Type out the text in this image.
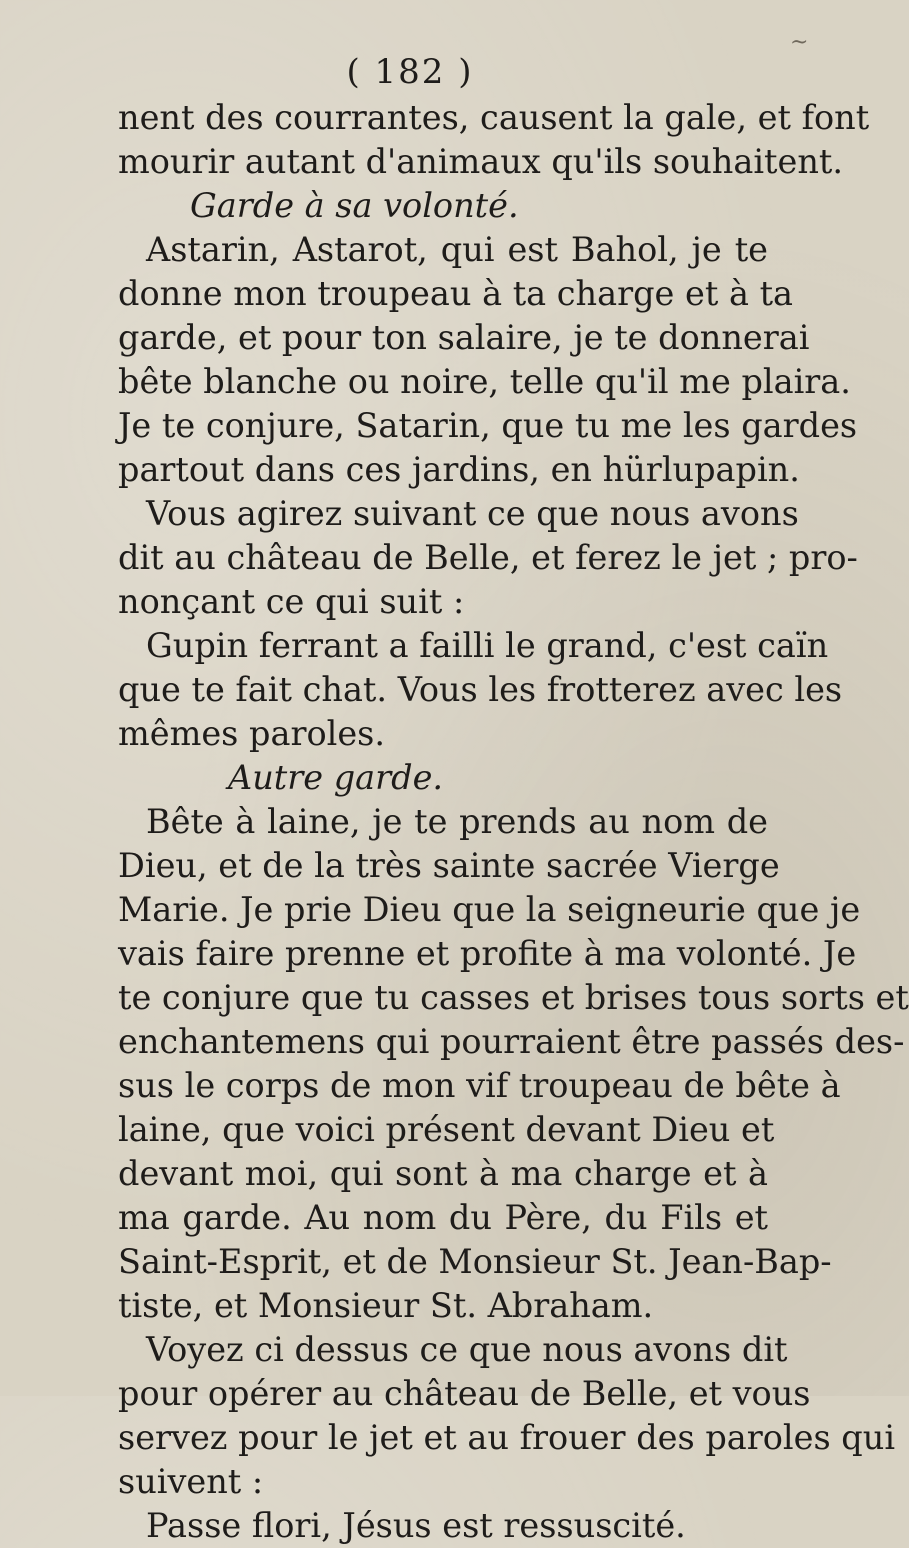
~
( 182 )
nent des courrantes, causent la gale, et font
mourir autant d'animaux qu'ils souhaitent.
Garde à sa volonté.
Astarin, Astarot, qui est Bahol, je te
donne mon troupeau à ta charge et à ta
garde, et pour ton salaire, je te donnerai
bête blanche ou noire, telle qu'il me plaira.
Je te conjure, Satarin, que tu me les gardes
partout dans ces jardins, en hürlupapin.
Vous agirez suivant ce que nous avons
dit au château de Belle, et ferez le jet ; pro-
nonçant ce qui suit :
Gupin ferrant a failli le grand, c'est caïn
que te fait chat. Vous les frotterez avec les
mêmes paroles.
Autre garde.
Bête à laine, je te prends au nom de
Dieu, et de la très sainte sacrée Vierge
Marie. Je prie Dieu que la seigneurie que je
vais faire prenne et profite à ma volonté. Je
te conjure que tu casses et brises tous sorts et
enchantemens qui pourraient être passés des-
sus le corps de mon vif troupeau de bête à
laine, que voici présent devant Dieu et
devant moi, qui sont à ma charge et à
ma garde. Au nom du Père, du Fils et
Saint-Esprit, et de Monsieur St. Jean-Bap-
tiste, et Monsieur St. Abraham.
Voyez ci dessus ce que nous avons dit
pour opérer au château de Belle, et vous
servez pour le jet et au frouer des paroles qui
suivent :
Passe flori, Jésus est ressuscité.
